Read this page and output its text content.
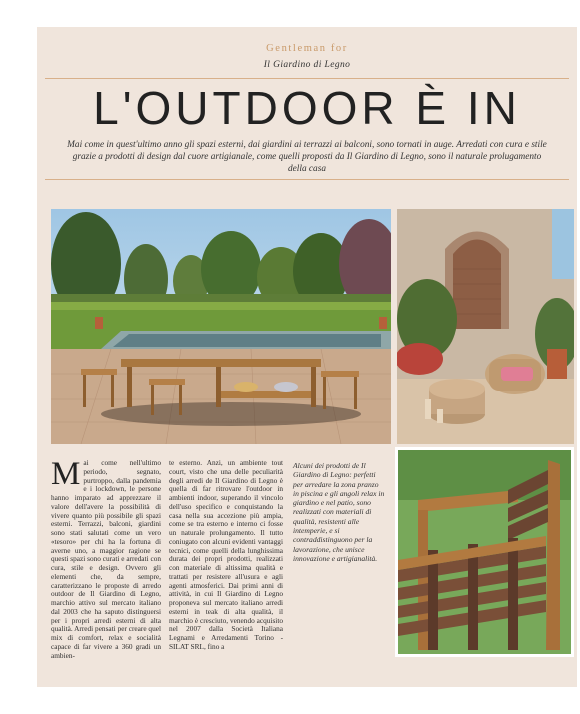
Gentleman for
Il Giardino di Legno
L'OUTDOOR È IN
Mai come in quest'ultimo anno gli spazi esterni, dai giardini ai terrazzi ai balconi, sono tornati in auge. Arredati con cura e stile grazie a prodotti di design dal cuore artigianale, come quelli proposti da Il Giardino di Legno, sono il naturale prolugamento della casa

Mai come nell'ultimo periodo, segnato, purtroppo, dalla pandemia e i lockdown, le persone hanno imparato ad apprezzare il valore dell'avere la possibilità di vivere quanto più possibile gli spazi esterni. Terrazzi, balconi, giardini sono stati salutati come un vero «tesoro» per chi ha la fortuna di averne uno, a maggior ragione se questi spazi sono curati e arredati con cura, stile e design. Ovvero gli elementi che, da sempre, caratterizzano le proposte di arredo outdoor de Il Giardino di Legno, marchio attivo sul mercato italiano dal 2003 che ha saputo distinguersi per i propri arredi esterni di alta qualità. Arredi pensati per creare quel mix di comfort, relax e socialità capace di far vivere a 360 gradi un ambien-

te esterno. Anzi, un ambiente tout court, visto che una delle peculiarità degli arredi de Il Giardino di Legno è quella di far ritrovare l'outdoor in ambienti indoor, superando il vincolo dell'uso specifico e conquistando la casa nella sua accezione più ampia, come se tra esterno e interno ci fosse un naturale prolungamento. Il tutto coniugato con alcuni evidenti vantaggi tecnici, come quelli della lunghissima durata dei propri prodotti, realizzati con materiale di altissima qualità e trattati per resistere all'usura e agli agenti atmosferici. Dai primi anni di attività, in cui Il Giardino di Legno proponeva sul mercato italiano arredi esterni in teak di alta qualità, il marchio è cresciuto, venendo acquisito nel 2007 dalla Società Italiana Legnami e Arredamenti Torino - SILAT SRL, fino a

Alcuni dei prodotti de Il Giardino di Legno: perfetti per arredare la zona pranzo in piscina e gli angoli relax in giardino e nel patio, sono realizzati con materiali di qualità, resistenti alle intemperie, e si contraddistinguono per la lavorazione, che unisce innovazione e artigianalità.
